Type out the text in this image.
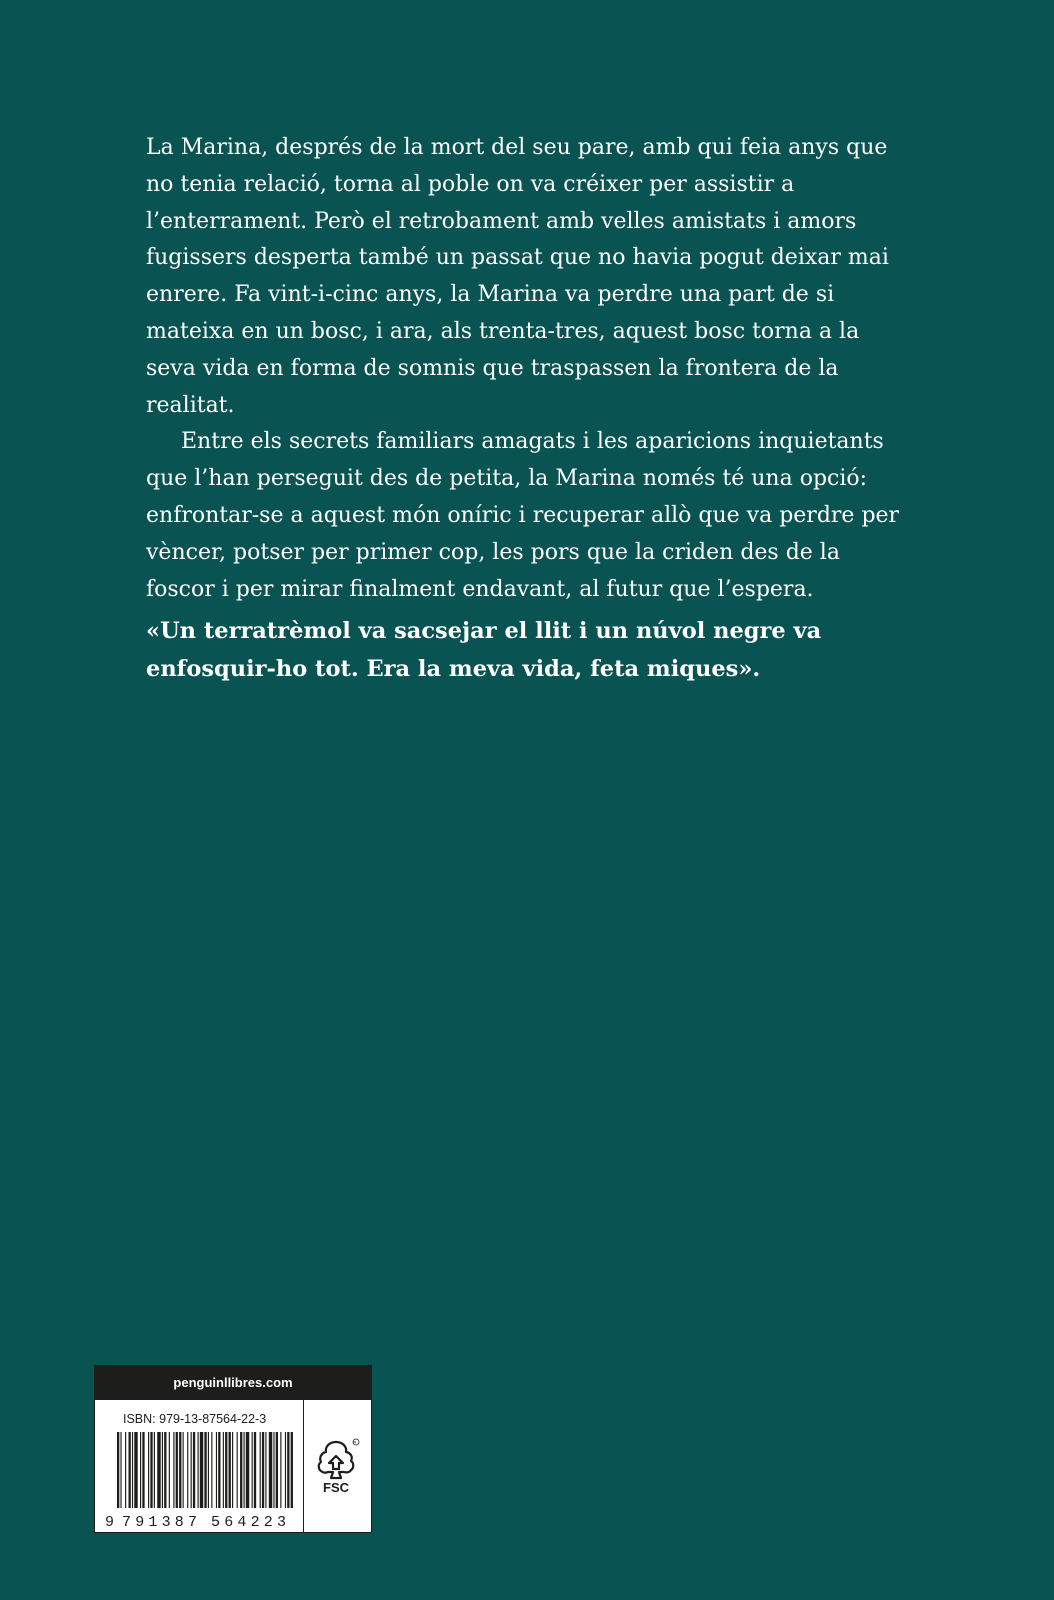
La Marina, després de la mort del seu pare, amb qui feia anys que no tenia relació, torna al poble on va créixer per assistir a l’enterrament. Però el retrobament amb velles amistats i amors fugissers desperta també un passat que no havia pogut deixar mai enrere. Fa vint-i-cinc anys, la Marina va perdre una part de si mateixa en un bosc, i ara, als trenta-tres, aquest bosc torna a la seva vida en forma de somnis que traspassen la frontera de la realitat.

Entre els secrets familiars amagats i les aparicions inquietants que l’han perseguit des de petita, la Marina només té una opció: enfrontar-se a aquest món oníric i recuperar allò que va perdre per vèncer, potser per primer cop, les pors que la criden des de la foscor i per mirar finalment endavant, al futur que l’espera.

«Un terratrèmol va sacsejar el llit i un núvol negre va enfosquir-ho tot. Era la meva vida, feta miques».
penguinllibres.com
ISBN: 979-13-87564-22-3
9 791387 564223
R
FSC
